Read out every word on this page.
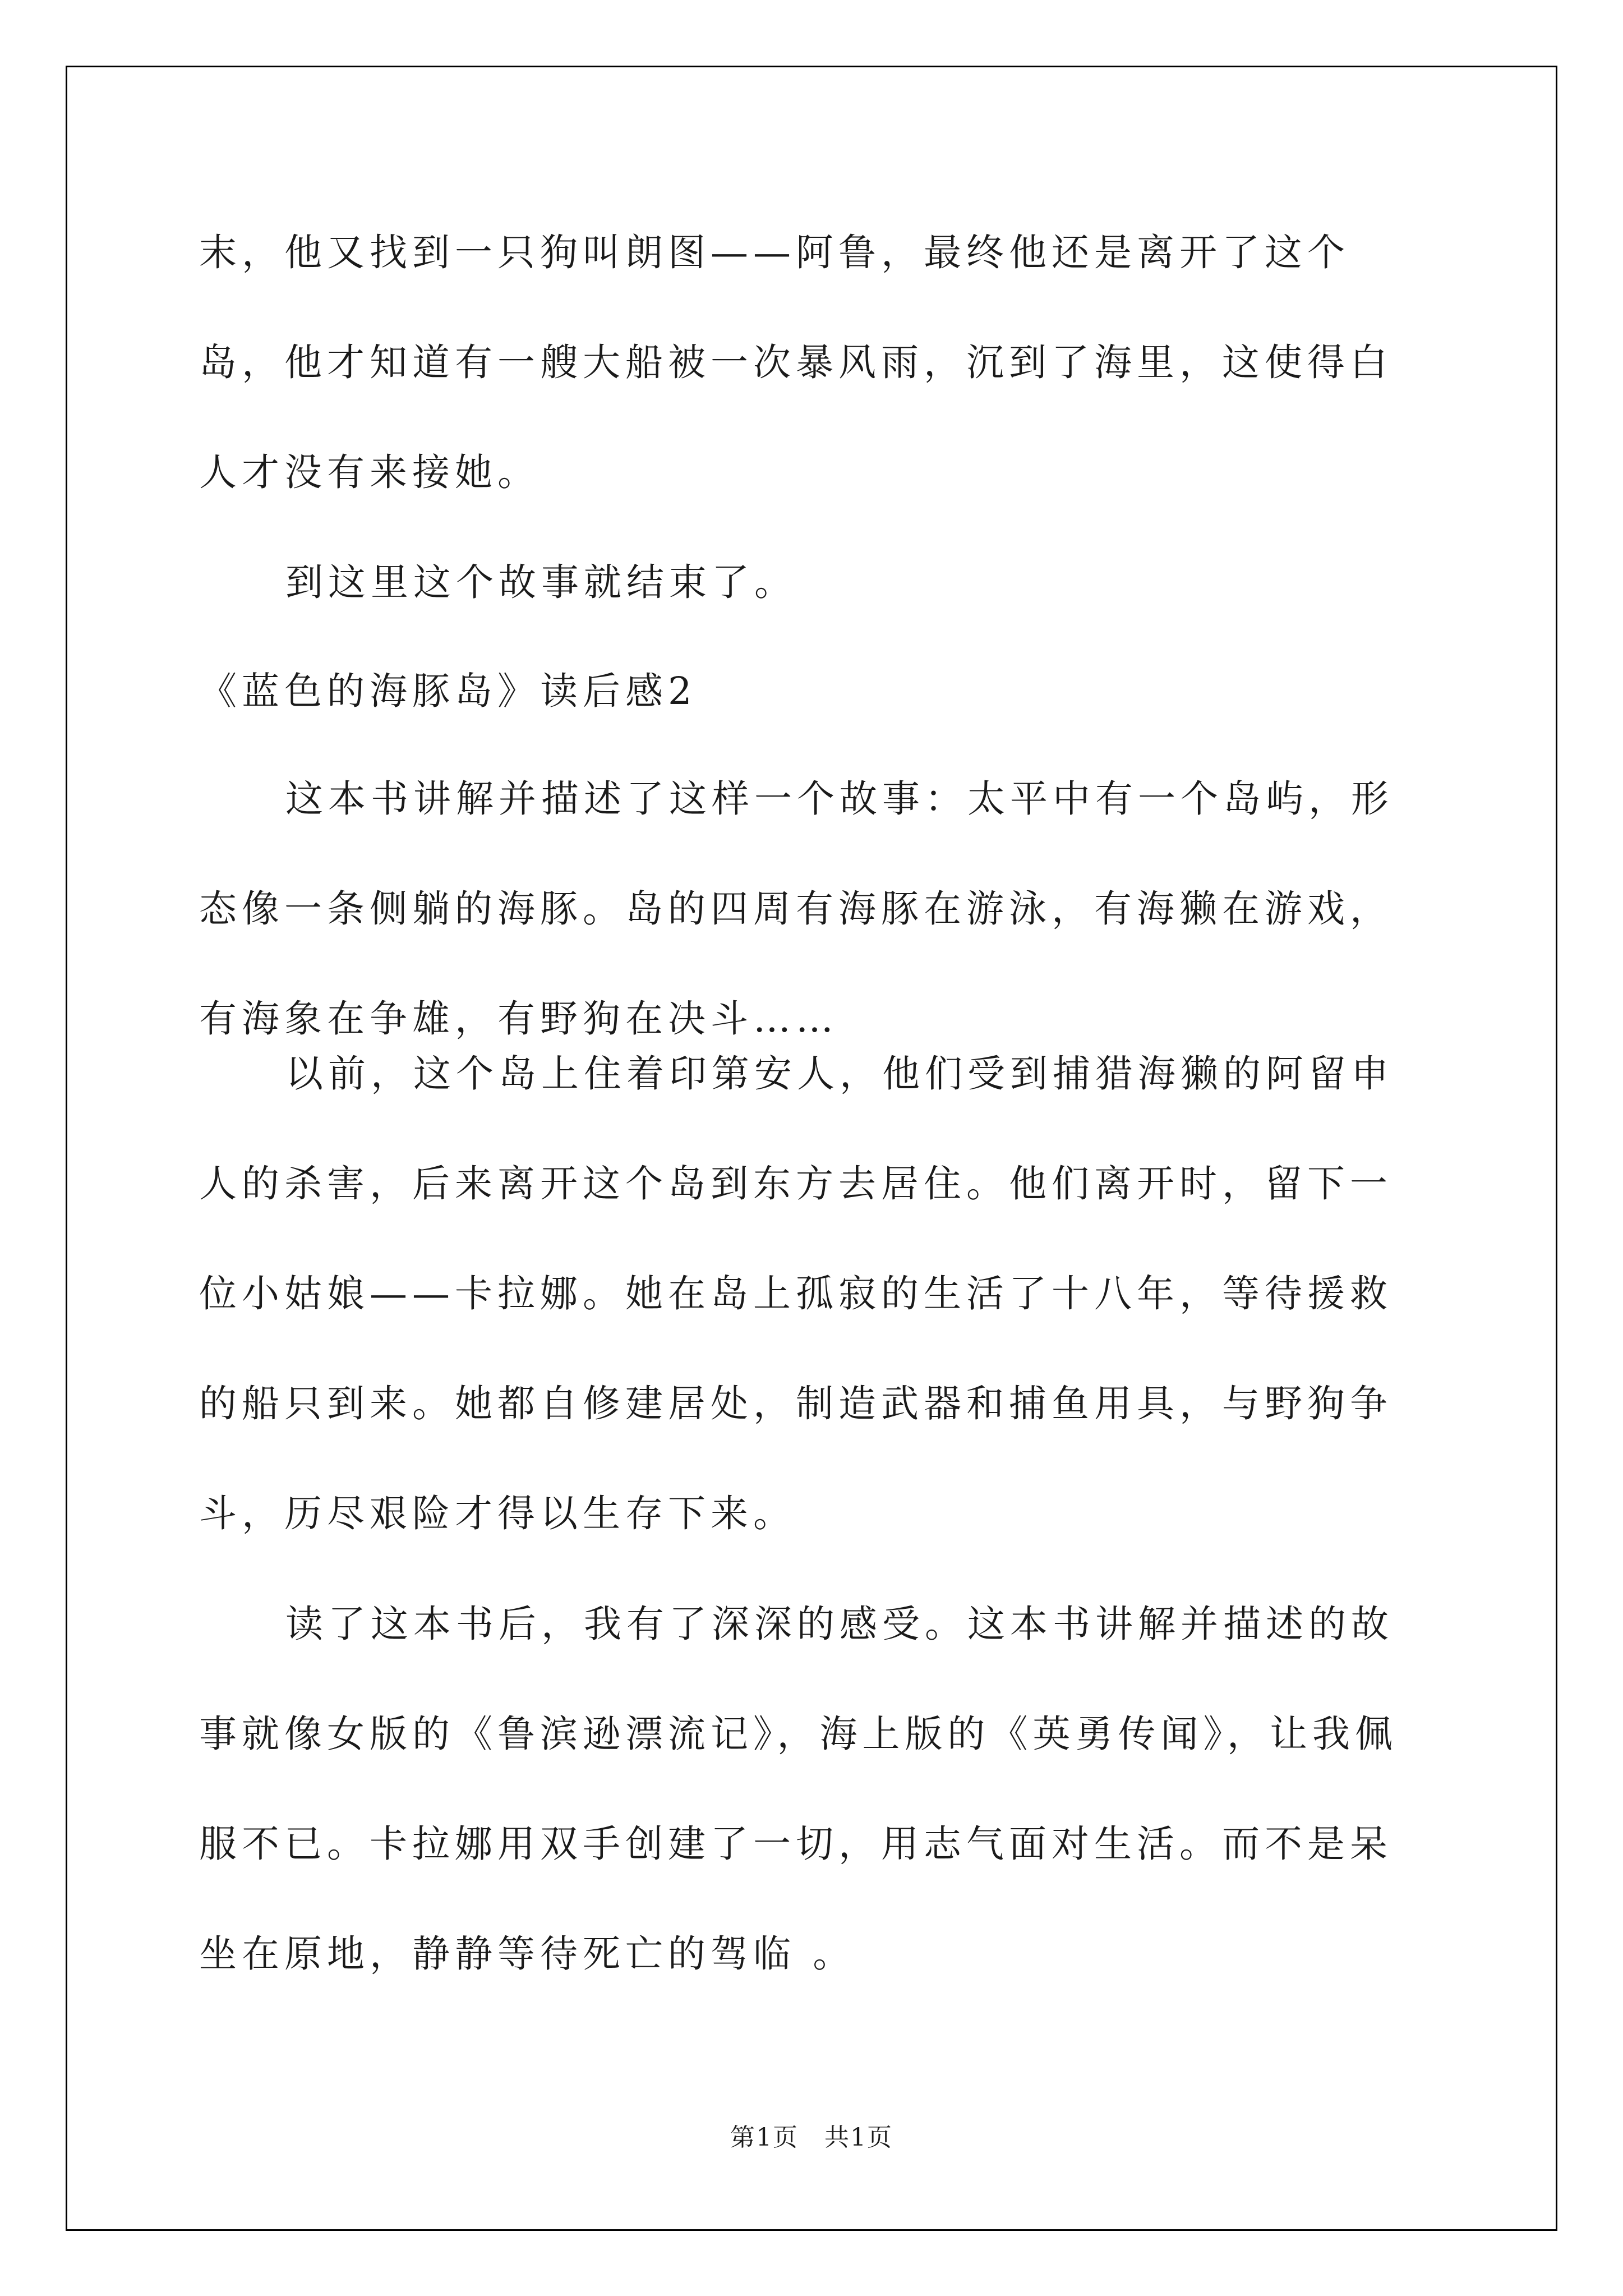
末，他又找到一只狗叫朗图——阿鲁，最终他还是离开了这个岛，他才知道有一艘大船被一次暴风雨，沉到了海里，这使得白人才没有来接她。

到这里这个故事就结束了。

《蓝色的海豚岛》读后感2

这本书讲解并描述了这样一个故事：太平中有一个岛屿，形态像一条侧躺的海豚。岛的四周有海豚在游泳，有海獭在游戏，有海象在争雄，有野狗在决斗……

以前，这个岛上住着印第安人，他们受到捕猎海獭的阿留申人的杀害，后来离开这个岛到东方去居住。他们离开时，留下一位小姑娘——卡拉娜。她在岛上孤寂的生活了十八年，等待援救的船只到来。她都自修建居处，制造武器和捕鱼用具，与野狗争斗，历尽艰险才得以生存下来。

读了这本书后，我有了深深的感受。这本书讲解并描述的故事就像女版的《鲁滨逊漂流记》，海上版的《英勇传闻》，让我佩服不已。卡拉娜用双手创建了一切，用志气面对生活。而不是呆坐在原地，静静等待死亡的驾临 。

第1页　共1页
